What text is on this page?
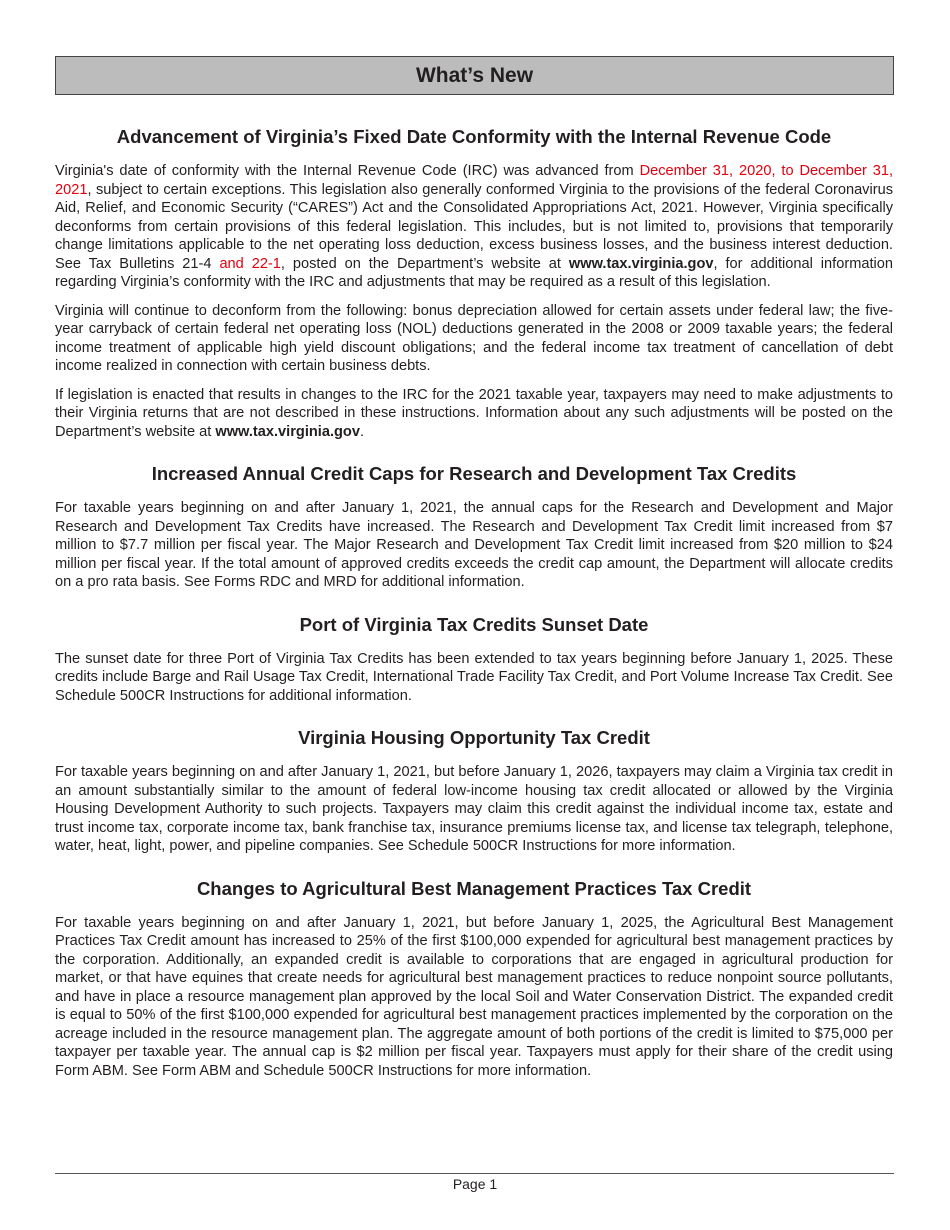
What’s New
Advancement of Virginia’s Fixed Date Conformity with the Internal Revenue Code

Virginia's date of conformity with the Internal Revenue Code (IRC) was advanced from December 31, 2020, to December 31, 2021, subject to certain exceptions. This legislation also generally conformed Virginia to the provisions of the federal Coronavirus Aid, Relief, and Economic Security (“CARES”) Act and the Consolidated Appropriations Act, 2021. However, Virginia specifically deconforms from certain provisions of this federal legislation. This includes, but is not limited to, provisions that temporarily change limitations applicable to the net operating loss deduction, excess business losses, and the business interest deduction. See Tax Bulletins 21-4 and 22-1, posted on the Department’s website at www.tax.virginia.gov, for additional information regarding Virginia’s conformity with the IRC and adjustments that may be required as a result of this legislation.

Virginia will continue to deconform from the following: bonus depreciation allowed for certain assets under federal law; the five-year carryback of certain federal net operating loss (NOL) deductions generated in the 2008 or 2009 taxable years; the federal income treatment of applicable high yield discount obligations; and the federal income tax treatment of cancellation of debt income realized in connection with certain business debts.

If legislation is enacted that results in changes to the IRC for the 2021 taxable year, taxpayers may need to make adjustments to their Virginia returns that are not described in these instructions. Information about any such adjustments will be posted on the Department’s website at www.tax.virginia.gov.

Increased Annual Credit Caps for Research and Development Tax Credits

For taxable years beginning on and after January 1, 2021, the annual caps for the Research and Development and Major Research and Development Tax Credits have increased. The Research and Development Tax Credit limit increased from $7 million to $7.7 million per fiscal year. The Major Research and Development Tax Credit limit increased from $20 million to $24 million per fiscal year. If the total amount of approved credits exceeds the credit cap amount, the Department will allocate credits on a pro rata basis. See Forms RDC and MRD for additional information.

Port of Virginia Tax Credits Sunset Date

The sunset date for three Port of Virginia Tax Credits has been extended to tax years beginning before January 1, 2025. These credits include Barge and Rail Usage Tax Credit, International Trade Facility Tax Credit, and Port Volume Increase Tax Credit. See Schedule 500CR Instructions for additional information.

Virginia Housing Opportunity Tax Credit

For taxable years beginning on and after January 1, 2021, but before January 1, 2026, taxpayers may claim a Virginia tax credit in an amount substantially similar to the amount of federal low-income housing tax credit allocated or allowed by the Virginia Housing Development Authority to such projects. Taxpayers may claim this credit against the individual income tax, estate and trust income tax, corporate income tax, bank franchise tax, insurance premiums license tax, and license tax telegraph, telephone, water, heat, light, power, and pipeline companies. See Schedule 500CR Instructions for more information.

Changes to Agricultural Best Management Practices Tax Credit

For taxable years beginning on and after January 1, 2021, but before January 1, 2025, the Agricultural Best Management Practices Tax Credit amount has increased to 25% of the first $100,000 expended for agricultural best management practices by the corporation. Additionally, an expanded credit is available to corporations that are engaged in agricultural production for market, or that have equines that create needs for agricultural best management practices to reduce nonpoint source pollutants, and have in place a resource management plan approved by the local Soil and Water Conservation District. The expanded credit is equal to 50% of the first $100,000 expended for agricultural best management practices implemented by the corporation on the acreage included in the resource management plan. The aggregate amount of both portions of the credit is limited to $75,000 per taxpayer per taxable year. The annual cap is $2 million per fiscal year. Taxpayers must apply for their share of the credit using Form ABM. See Form ABM and Schedule 500CR Instructions for more information.

Page 1
